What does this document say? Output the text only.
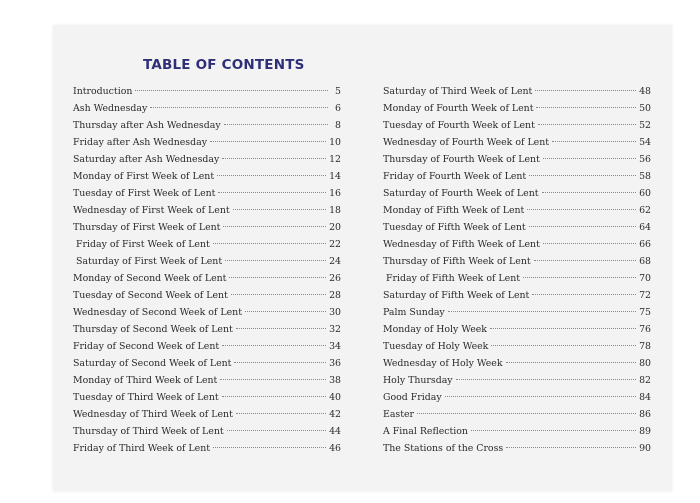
TABLE OF CONTENTS
Introduction	5
Ash Wednesday	6
Thursday after Ash Wednesday	8
Friday after Ash Wednesday	10
Saturday after Ash Wednesday	12
Monday of First Week of Lent	14
Tuesday of First Week of Lent	16
Wednesday of First Week of Lent	18
Thursday of First Week of Lent	20
Friday of First Week of Lent	22
Saturday of First Week of Lent	24
Monday of Second Week of Lent	26
Tuesday of Second Week of Lent	28
Wednesday of Second Week of Lent	30
Thursday of Second Week of Lent	32
Friday of Second Week of Lent	34
Saturday of Second Week of Lent	36
Monday of Third Week of Lent	38
Tuesday of Third Week of Lent	40
Wednesday of Third Week of Lent	42
Thursday of Third Week of Lent	44
Friday of Third Week of Lent	46
Saturday of Third Week of Lent	48
Monday of Fourth Week of Lent	50
Tuesday of Fourth Week of Lent	52
Wednesday of Fourth Week of Lent	54
Thursday of Fourth Week of Lent	56
Friday of Fourth Week of Lent	58
Saturday of Fourth Week of Lent	60
Monday of Fifth Week of Lent	62
Tuesday of Fifth Week of Lent	64
Wednesday of Fifth Week of Lent	66
Thursday of Fifth Week of Lent	68
Friday of Fifth Week of Lent	70
Saturday of Fifth Week of Lent	72
Palm Sunday	75
Monday of Holy Week	76
Tuesday of Holy Week	78
Wednesday of Holy Week	80
Holy Thursday	82
Good Friday	84
Easter	86
A Final Reflection	89
The Stations of the Cross	90
